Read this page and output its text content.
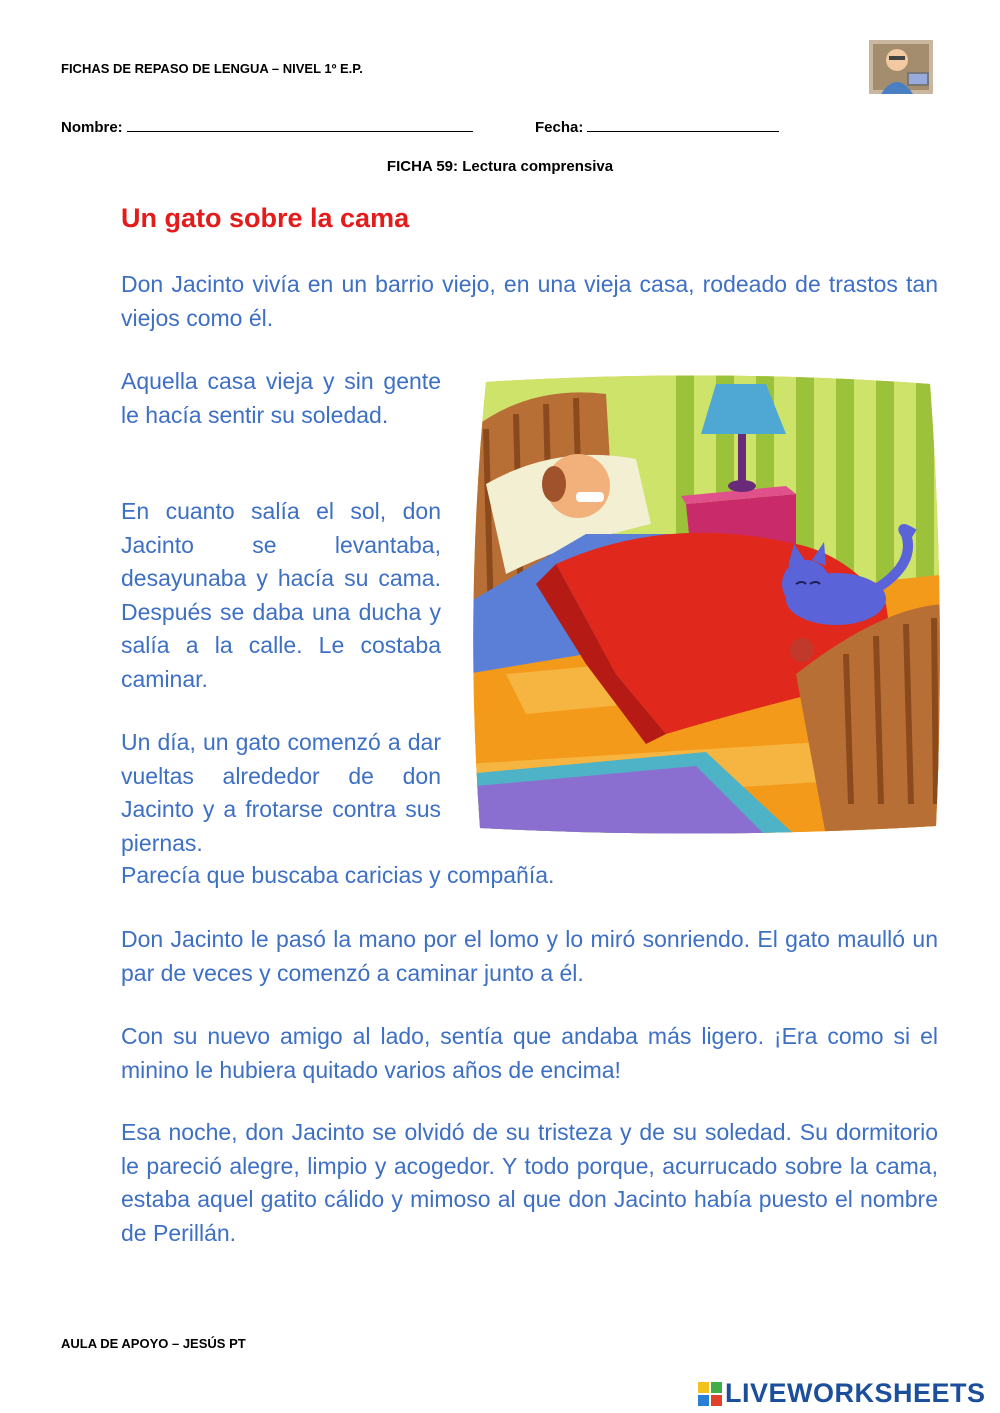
FICHAS DE REPASO DE LENGUA – NIVEL 1º E.P.
Nombre:	Fecha:
FICHA 59: Lectura comprensiva
Un gato sobre la cama

Don Jacinto vivía en un barrio viejo, en una vieja casa, rodeado de trastos tan viejos como él.

Aquella casa vieja y sin gente le hacía sentir su soledad.

En cuanto salía el sol, don Jacinto se levantaba, desayunaba y hacía su cama. Después se daba una ducha y salía a la calle. Le costaba caminar.

Un día, un gato comenzó a dar vueltas alrededor de don Jacinto y a frotarse contra sus piernas.

Parecía que buscaba caricias y compañía.

Don Jacinto le pasó la mano por el lomo y lo miró sonriendo. El gato maulló un par de veces y comenzó a caminar junto a él.

Con su nuevo amigo al lado, sentía que andaba más ligero. ¡Era como si el minino le hubiera quitado varios años de encima!

Esa noche, don Jacinto se olvidó de su tristeza y de su soledad. Su dormitorio le pareció alegre, limpio y acogedor. Y todo porque, acurrucado sobre la cama, estaba aquel gatito cálido y mimoso al que don Jacinto había puesto el nombre de Perillán.

AULA DE APOYO – JESÚS PT
LIVEWORKSHEETS
